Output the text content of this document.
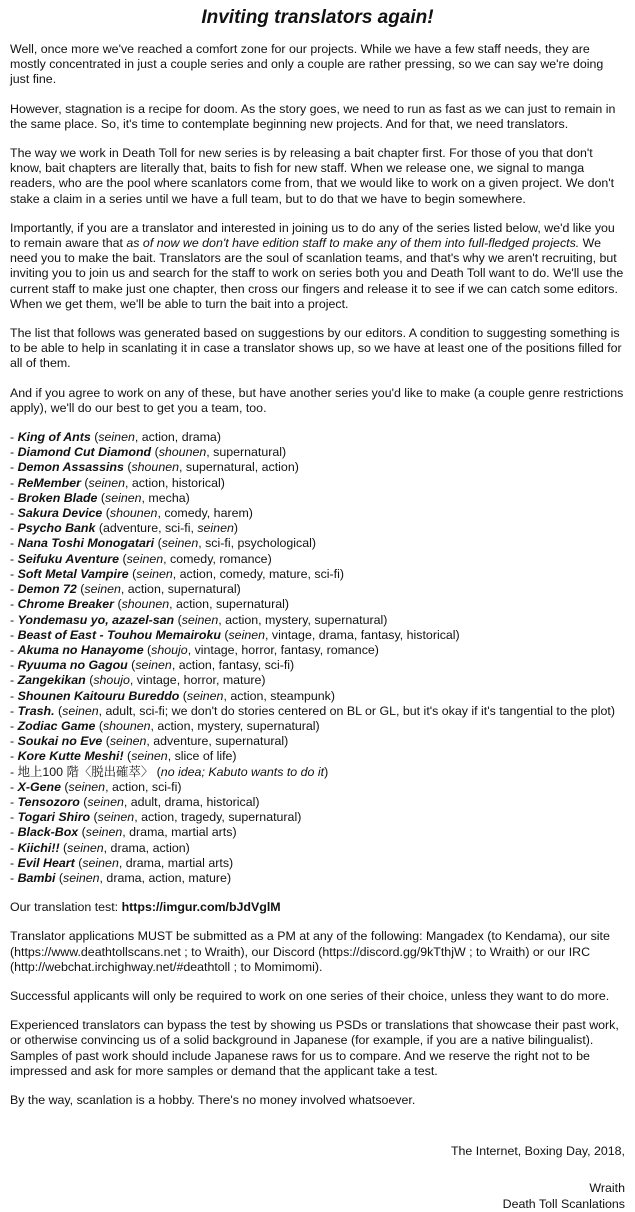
Inviting translators again!

Well, once more we've reached a comfort zone for our projects. While we have a few staff needs, they are mostly concentrated in just a couple series and only a couple are rather pressing, so we can say we're doing just fine.

However, stagnation is a recipe for doom. As the story goes, we need to run as fast as we can just to remain in the same place. So, it's time to contemplate beginning new projects. And for that, we need translators.

The way we work in Death Toll for new series is by releasing a bait chapter first. For those of you that don't know, bait chapters are literally that, baits to fish for new staff. When we release one, we signal to manga readers, who are the pool where scanlators come from, that we would like to work on a given project. We don't stake a claim in a series until we have a full team, but to do that we have to begin somewhere.

Importantly, if you are a translator and interested in joining us to do any of the series listed below, we'd like you to remain aware that as of now we don't have edition staff to make any of them into full-fledged projects. We need you to make the bait. Translators are the soul of scanlation teams, and that's why we aren't recruiting, but inviting you to join us and search for the staff to work on series both you and Death Toll want to do. We'll use the current staff to make just one chapter, then cross our fingers and release it to see if we can catch some editors. When we get them, we'll be able to turn the bait into a project.

The list that follows was generated based on suggestions by our editors. A condition to suggesting something is to be able to help in scanlating it in case a translator shows up, so we have at least one of the positions filled for all of them.

And if you agree to work on any of these, but have another series you'd like to make (a couple genre restrictions apply), we'll do our best to get you a team, too.

- King of Ants (seinen, action, drama)
- Diamond Cut Diamond (shounen, supernatural)
- Demon Assassins (shounen, supernatural, action)
- ReMember (seinen, action, historical)
- Broken Blade (seinen, mecha)
- Sakura Device (shounen, comedy, harem)
- Psycho Bank (adventure, sci-fi, seinen)
- Nana Toshi Monogatari (seinen, sci-fi, psychological)
- Seifuku Aventure (seinen, comedy, romance)
- Soft Metal Vampire (seinen, action, comedy, mature, sci-fi)
- Demon 72 (seinen, action, supernatural)
- Chrome Breaker (shounen, action, supernatural)
- Yondemasu yo, azazel-san (seinen, action, mystery, supernatural)
- Beast of East - Touhou Memairoku (seinen, vintage, drama, fantasy, historical)
- Akuma no Hanayome (shoujo, vintage, horror, fantasy, romance)
- Ryuuma no Gagou (seinen, action, fantasy, sci-fi)
- Zangekikan (shoujo, vintage, horror, mature)
- Shounen Kaitouru Bureddo (seinen, action, steampunk)
- Trash. (seinen, adult, sci-fi; we don't do stories centered on BL or GL, but it's okay if it's tangential to the plot)
- Zodiac Game (shounen, action, mystery, supernatural)
- Soukai no Eve (seinen, adventure, supernatural)
- Kore Kutte Meshi! (seinen, slice of life)
- 地上100 階〈脱出確萃〉 (no idea; Kabuto wants to do it)
- X-Gene (seinen, action, sci-fi)
- Tensozoro (seinen, adult, drama, historical)
- Togari Shiro (seinen, action, tragedy, supernatural)
- Black-Box (seinen, drama, martial arts)
- Kiichi!! (seinen, drama, action)
- Evil Heart (seinen, drama, martial arts)
- Bambi (seinen, drama, action, mature)

Our translation test: https://imgur.com/bJdVglM

Translator applications MUST be submitted as a PM at any of the following: Mangadex (to Kendama), our site (https://www.deathtollscans.net ; to Wraith), our Discord (https://discord.gg/9kTthjW ; to Wraith) or our IRC (http://webchat.irchighway.net/#deathtoll ; to Momimomi).

Successful applicants will only be required to work on one series of their choice, unless they want to do more.

Experienced translators can bypass the test by showing us PSDs or translations that showcase their past work, or otherwise convincing us of a solid background in Japanese (for example, if you are a native bilingualist). Samples of past work should include Japanese raws for us to compare. And we reserve the right not to be impressed and ask for more samples or demand that the applicant take a test.

By the way, scanlation is a hobby. There's no money involved whatsoever.

The Internet, Boxing Day, 2018,

Wraith

Death Toll Scanlations
